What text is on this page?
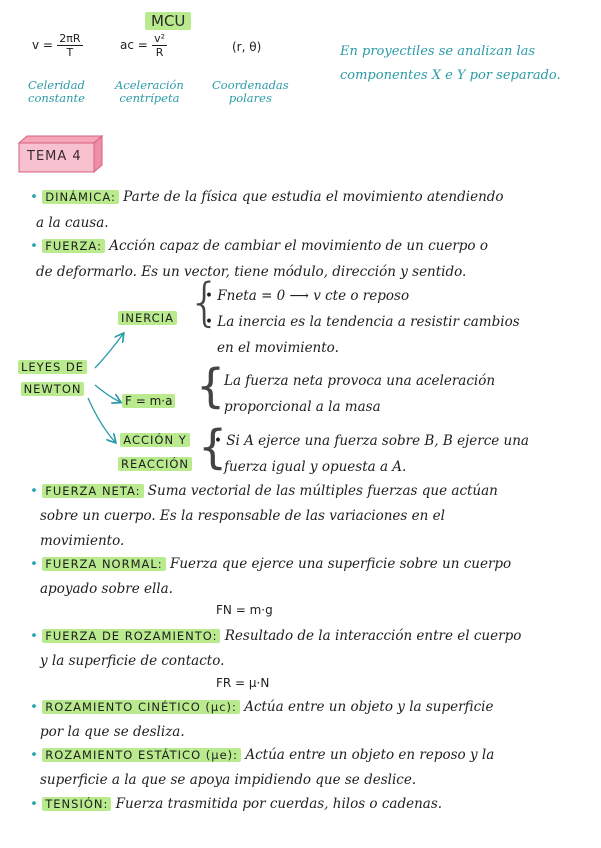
MCU
$v = \frac{2\pi R}{T}$	ac = $\frac{\text{v²}}{R}$	(r, θ)	En proyectiles se analizan las
componentes X e Y por separado.
Celeridad
constante
Aceleración
centrípeta
Coordenadas
polares
TEMA 4
• DINÁMICA: Parte de la física que estudia el movimiento atendiendo
a la causa.
• FUERZA: Acción capaz de cambiar el movimiento de un cuerpo o
de deformarlo. Es un vector, tiene módulo, dirección y sentido.
LEYES DE
NEWTON
INERCIA {
• Fneta = 0 ⟶ v cte o reposo
• La inercia es la tendencia a resistir cambios
en el movimiento.
F = m·a {
La fuerza neta provoca una aceleración
proporcional a la masa
ACCIÓN Y
REACCIÓN {
• Si A ejerce una fuerza sobre B, B ejerce una
fuerza igual y opuesta a A.
• FUERZA NETA: Suma vectorial de las múltiples fuerzas que actúan
sobre un cuerpo. Es la responsable de las variaciones en el
movimiento.
• FUERZA NORMAL: Fuerza que ejerce una superficie sobre un cuerpo
apoyado sobre ella.
FN = m·g
• FUERZA DE ROZAMIENTO: Resultado de la interacción entre el cuerpo
y la superficie de contacto.
FR = μ·N
• ROZAMIENTO CINÉTICO (μc): Actúa entre un objeto y la superficie
por la que se desliza.
• ROZAMIENTO ESTÁTICO (μe): Actúa entre un objeto en reposo y la
superficie a la que se apoya impidiendo que se deslice.
• TENSIÓN: Fuerza trasmitida por cuerdas, hilos o cadenas.
